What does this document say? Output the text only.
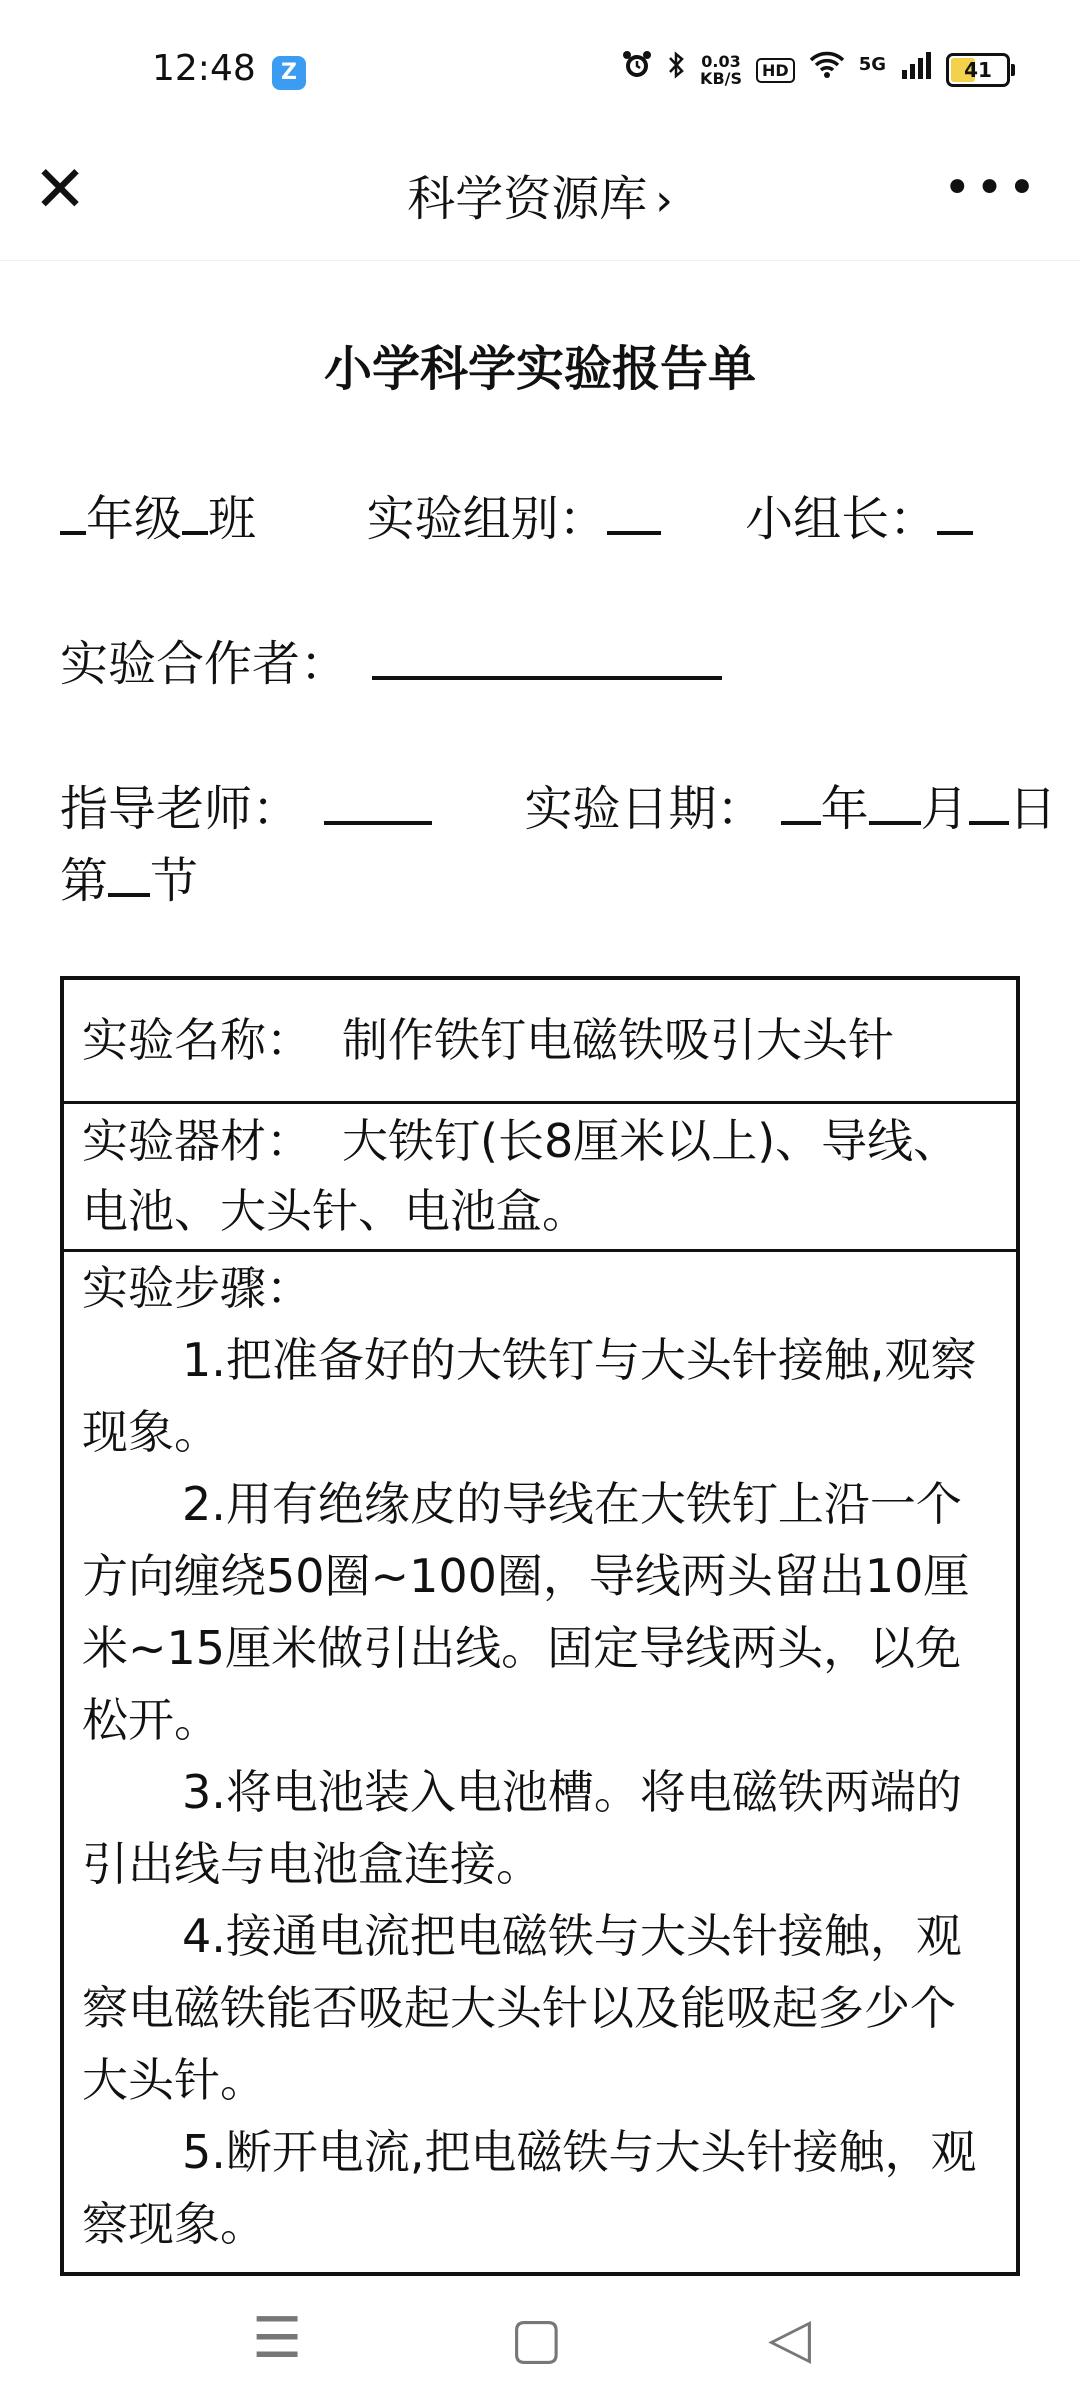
12:48	Z	0.03
KB/S	HD	5G	41
✕	科学资源库 ›	•••
小学科学实验报告单
年级 班 实验组别：	小组长：
实验合作者：
指导老师：	实验日期： 年 月 日
第 节
实验名称： 制作铁钉电磁铁吸引大头针
实验器材： 大铁钉(长8厘米以上)、导线、电池、大头针、电池盒。
实验步骤：
1.把准备好的大铁钉与大头针接触,观察现象。
2.用有绝缘皮的导线在大铁钉上沿一个方向缠绕50圈~100圈，导线两头留出10厘米~15厘米做引出线。固定导线两头，以免松开。
3.将电池装入电池槽。将电磁铁两端的引出线与电池盒连接。
4.接通电流把电磁铁与大头针接触，观察电磁铁能否吸起大头针以及能吸起多少个大头针。
5.断开电流,把电磁铁与大头针接触，观察现象。
☰	▢	◁
